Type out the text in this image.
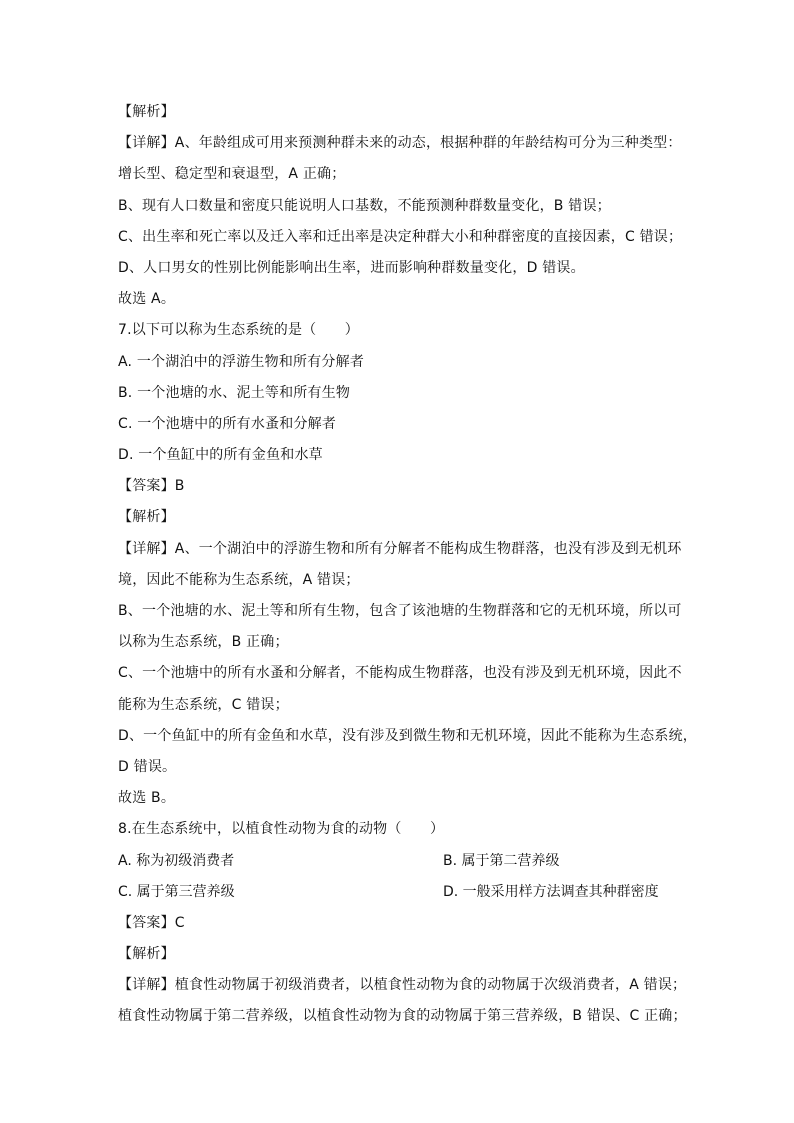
【解析】
【详解】A、年龄组成可用来预测种群未来的动态，根据种群的年龄结构可分为三种类型：
增长型、稳定型和衰退型，A 正确；
B、现有人口数量和密度只能说明人口基数，不能预测种群数量变化，B 错误；
C、出生率和死亡率以及迁入率和迁出率是决定种群大小和种群密度的直接因素，C 错误；
D、人口男女的性别比例能影响出生率，进而影响种群数量变化，D 错误。
故选 A。
7.以下可以称为生态系统的是（　　）
A. 一个湖泊中的浮游生物和所有分解者
B. 一个池塘的水、泥土等和所有生物
C. 一个池塘中的所有水蚤和分解者
D. 一个鱼缸中的所有金鱼和水草
【答案】B
【解析】
【详解】A、一个湖泊中的浮游生物和所有分解者不能构成生物群落，也没有涉及到无机环
境，因此不能称为生态系统，A 错误；
B、一个池塘的水、泥土等和所有生物，包含了该池塘的生物群落和它的无机环境，所以可
以称为生态系统，B 正确；
C、一个池塘中的所有水蚤和分解者，不能构成生物群落，也没有涉及到无机环境，因此不
能称为生态系统，C 错误；
D、一个鱼缸中的所有金鱼和水草，没有涉及到微生物和无机环境，因此不能称为生态系统，
D 错误。
故选 B。
8.在生态系统中，以植食性动物为食的动物（　　）
A. 称为初级消费者	B. 属于第二营养级
C. 属于第三营养级	D. 一般采用样方法调查其种群密度
【答案】C
【解析】
【详解】植食性动物属于初级消费者，以植食性动物为食的动物属于次级消费者，A 错误；
植食性动物属于第二营养级，以植食性动物为食的动物属于第三营养级，B 错误、C 正确；
